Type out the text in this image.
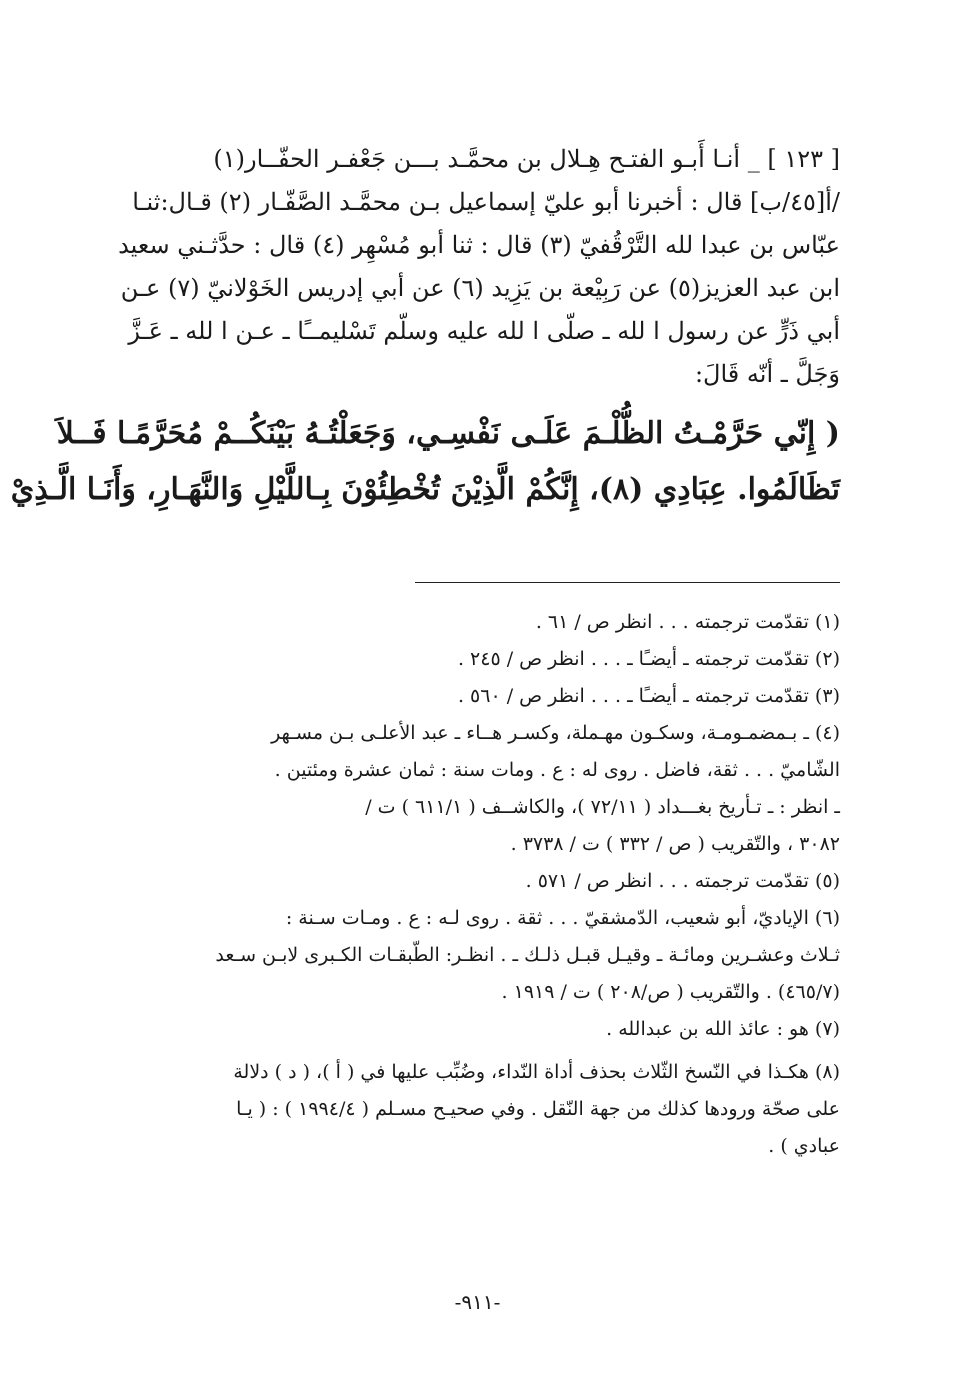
[ ١٢٣ ] _ أنـا أَبـو الفتـح هِـلال بن محمَّـد بـــن جَعْفـر الحفّــار(١)
/أ[٤٥/ب] قال : أخبرنا أبو عليّ إسماعيل بـن محمَّـد الصَّفّـار (٢) قـال:ثنـا
عبّاس بن عبدا لله التَّرْقُفيّ (٣) قال : ثنا أبو مُسْهِر (٤) قال : حدَّثـني سعيد
ابن عبد العزيز(٥) عن رَبِيْعة بن يَزِيد (٦) عن أبي إدريس الخَوْلانيّ (٧) عـن
أبي ذَرٍّ عن رسول ا لله ـ صلّى ا لله عليه وسلّم تَسْليمــًا ـ عـن ا لله ـ عَـزَّ
وَجَلَّ ـ أنّه قَالَ:
( إِنّي حَرَّمْـتُ الظُّلْـمَ عَلَـى نَفْسِـي، وَجَعَلْتُـهُ بَيْنَكُــمْ مُحَرَّمًـا فَــلاَ
تَظَالَمُوا. عِبَادِي (٨)، إِنَّكُمْ الَّذِيْنَ تُخْطِئُوْنَ بِـاللَّيْلِ وَالنَّهَـارِ، وَأَنَـا الَّـذِيْ
(١) تقدّمت ترجمته . . . انظر ص / ٦١ .
(٢) تقدّمت ترجمته ـ أيضـًا ـ . . . انظر ص / ٢٤٥ .
(٣) تقدّمت ترجمته ـ أيضـًا ـ . . . انظر ص / ٥٦٠ .
(٤) ـ بـمضمـومـة، وسكـون مهـملة، وكسـر هــاء ـ عبد الأعلـى بـن مسـهر
الشّاميّ . . . ثقة، فاضل . روى له : ع . ومات سنة : ثمان عشرة ومئتين .
ـ انظر : ـ تـأريخ بغـــداد ( ٧٢/١١ )، والكاشــف ( ٦١١/١ ) ت /
٣٠٨٢ ، والتّقريب ( ص / ٣٣٢ ) ت / ٣٧٣٨ .
(٥) تقدّمت ترجمته . . . انظر ص / ٥٧١ .
(٦) الإياديّ، أبو شعيب، الدّمشقيّ . . . ثقة . روى لـه : ع . ومـات سـنة :
ثـلاث وعشـرين ومائـة ـ وقيـل قبـل ذلـك ـ . انظـر: الطّبقـات الكـبرى لابـن سـعد
(٤٦٥/٧) . والتّقريب ( ص/٢٠٨ ) ت / ١٩١٩ .
(٧) هو : عائذ الله بن عبدالله .
(٨) هكـذا في النّسخ الثّلاث بحذف أداة النّداء، وضُبِّب عليها في ( أ )، ( د ) دلالة
على صحّة ورودها كذلك من جهة النّقل . وفي صحيـح مسـلم ( ١٩٩٤/٤ ) : ( يـا
عبادي ) .
-٩١١-
